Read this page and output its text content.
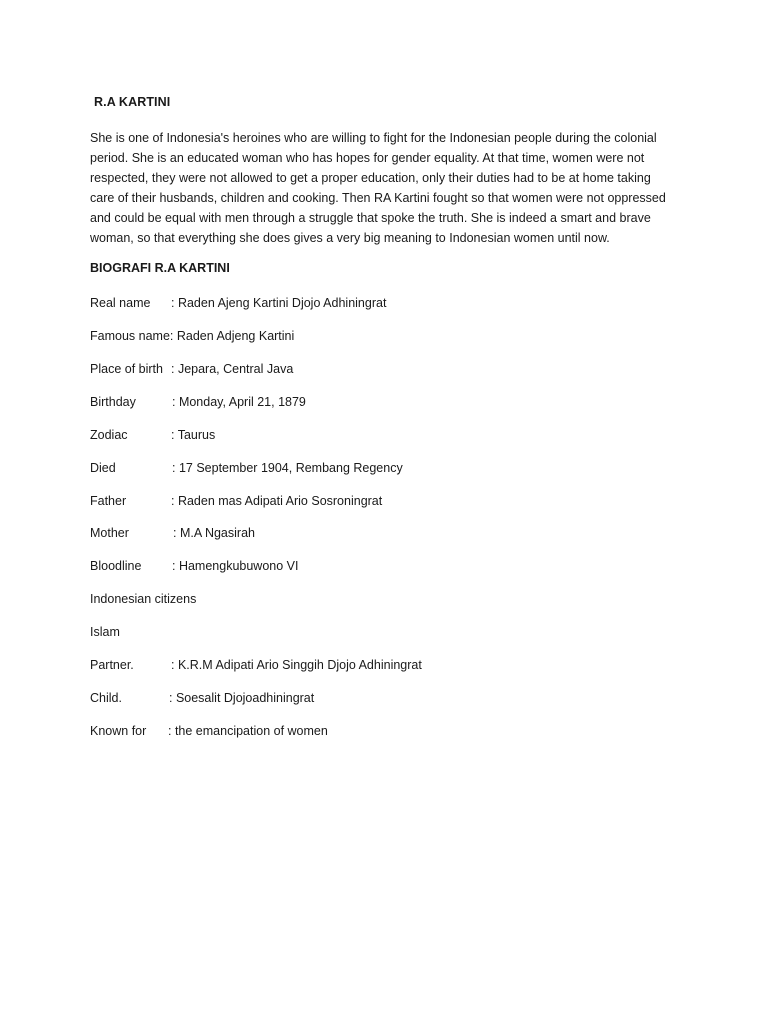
R.A KARTINI
She is one of Indonesia's heroines who are willing to fight for the Indonesian people during the colonial
period. She is an educated woman who has hopes for gender equality. At that time, women were not
respected, they were not allowed to get a proper education, only their duties had to be at home taking
care of their husbands, children and cooking. Then RA Kartini fought so that women were not oppressed
and could be equal with men through a struggle that spoke the truth. She is indeed a smart and brave
woman, so that everything she does gives a very big meaning to Indonesian women until now.
BIOGRAFI R.A KARTINI
Real name : Raden Ajeng Kartini Djojo Adhiningrat
Famous name: Raden Adjeng Kartini
Place of birth : Jepara, Central Java
Birthday	: Monday, April 21, 1879
Zodiac	: Taurus
Died	: 17 September 1904, Rembang Regency
Father	: Raden mas Adipati Ario Sosroningrat
Mother	: M.A Ngasirah
Bloodline : Hamengkubuwono VI
Indonesian citizens
Islam
Partner.	: K.R.M Adipati Ario Singgih Djojo Adhiningrat
Child.	: Soesalit Djojoadhiningrat
Known for : the emancipation of women
